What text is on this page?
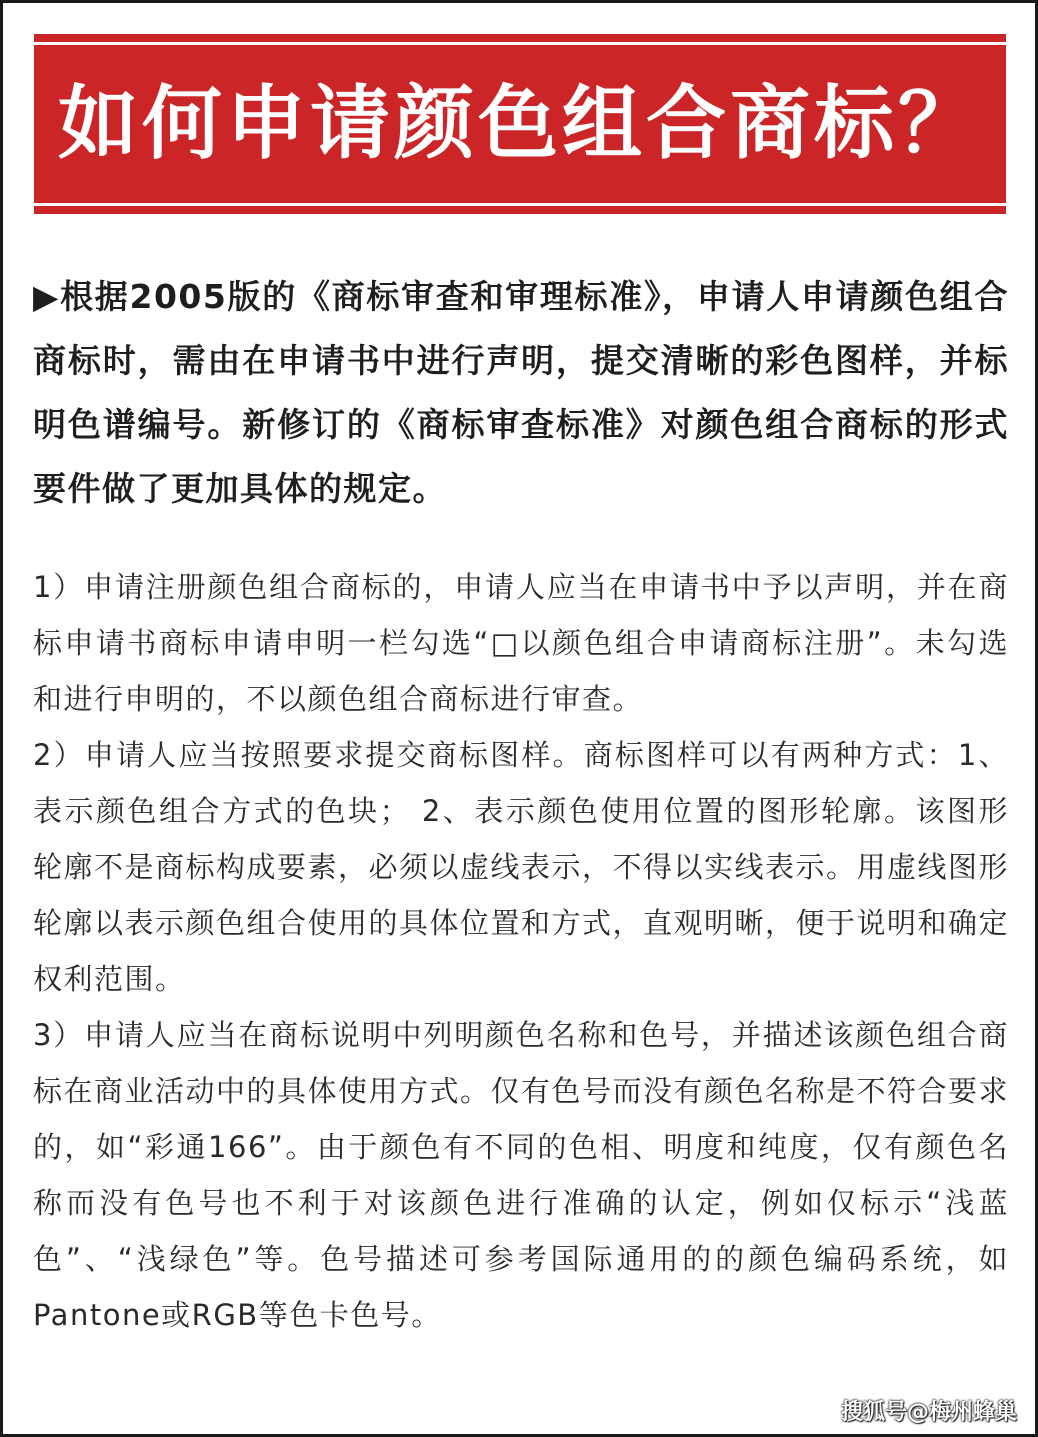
如何申请颜色组合商标？

▶根据2005版的《商标审查和审理标准》，申请人申请颜色组合商标时，需由在申请书中进行声明，提交清晰的彩色图样，并标明色谱编号。新修订的《商标审查标准》对颜色组合商标的形式要件做了更加具体的规定。

1）申请注册颜色组合商标的，申请人应当在申请书中予以声明，并在商标申请书商标申请申明一栏勾选“□以颜色组合申请商标注册”。未勾选和进行申明的，不以颜色组合商标进行审查。

2）申请人应当按照要求提交商标图样。商标图样可以有两种方式：1、表示颜色组合方式的色块； 2、表示颜色使用位置的图形轮廓。该图形轮廓不是商标构成要素，必须以虚线表示，不得以实线表示。用虚线图形轮廓以表示颜色组合使用的具体位置和方式，直观明晰，便于说明和确定权利范围。

3）申请人应当在商标说明中列明颜色名称和色号，并描述该颜色组合商标在商业活动中的具体使用方式。仅有色号而没有颜色名称是不符合要求的，如“彩通166”。由于颜色有不同的色相、明度和纯度，仅有颜色名称而没有色号也不利于对该颜色进行准确的认定，例如仅标示“浅蓝色”、“浅绿色”等。色号描述可参考国际通用的的颜色编码系统，如Pantone或RGB等色卡色号。

搜狐号@梅州蜂巢
